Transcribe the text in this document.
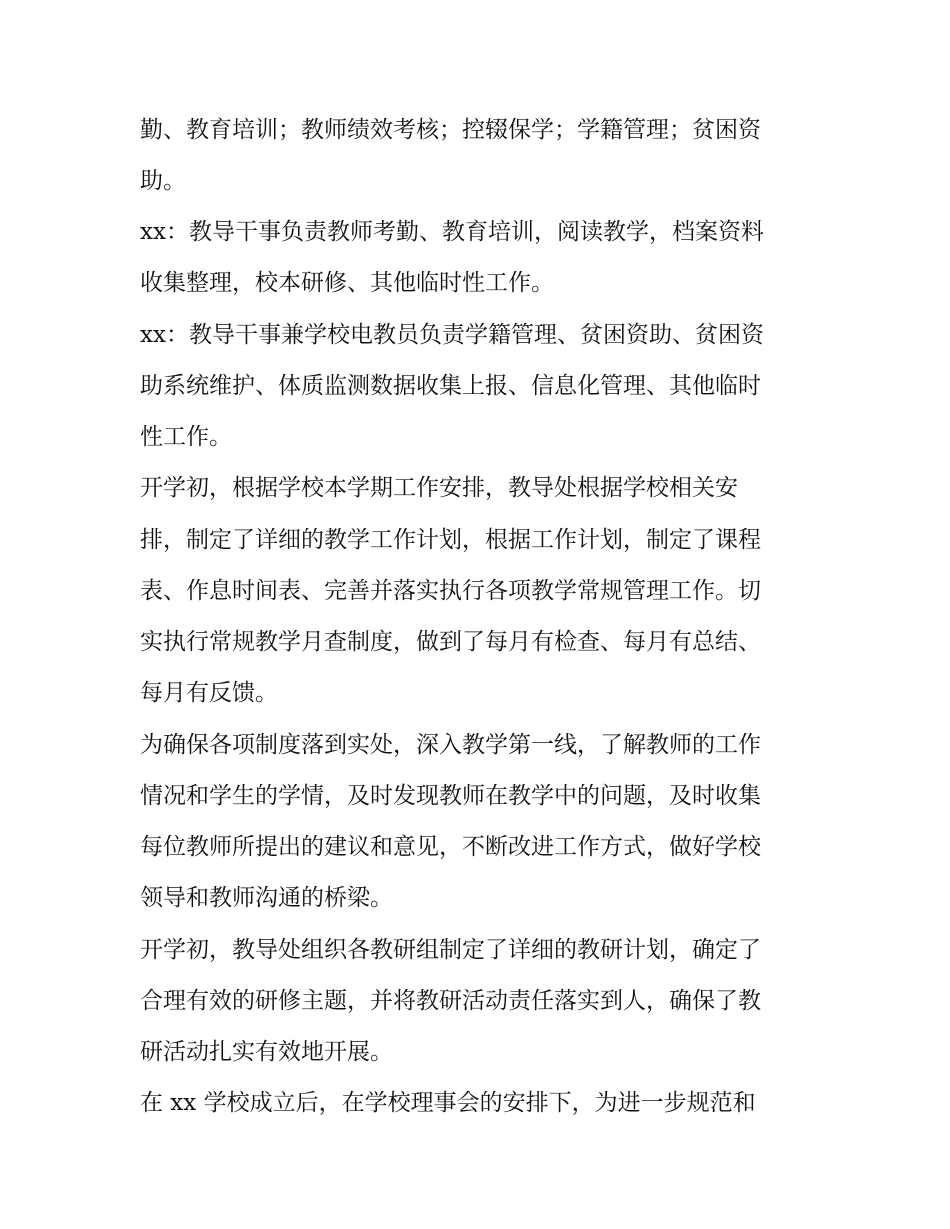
勤、教育培训；教师绩效考核；控辍保学；学籍管理；贫困资
助。
xx：教导干事负责教师考勤、教育培训，阅读教学，档案资料
收集整理，校本研修、其他临时性工作。
xx：教导干事兼学校电教员负责学籍管理、贫困资助、贫困资
助系统维护、体质监测数据收集上报、信息化管理、其他临时
性工作。
开学初，根据学校本学期工作安排，教导处根据学校相关安
排，制定了详细的教学工作计划，根据工作计划，制定了课程
表、作息时间表、完善并落实执行各项教学常规管理工作。切
实执行常规教学月查制度，做到了每月有检查、每月有总结、
每月有反馈。
为确保各项制度落到实处，深入教学第一线，了解教师的工作
情况和学生的学情，及时发现教师在教学中的问题，及时收集
每位教师所提出的建议和意见，不断改进工作方式，做好学校
领导和教师沟通的桥梁。
开学初，教导处组织各教研组制定了详细的教研计划，确定了
合理有效的研修主题，并将教研活动责任落实到人，确保了教
研活动扎实有效地开展。
在 xx 学校成立后，在学校理事会的安排下，为进一步规范和
